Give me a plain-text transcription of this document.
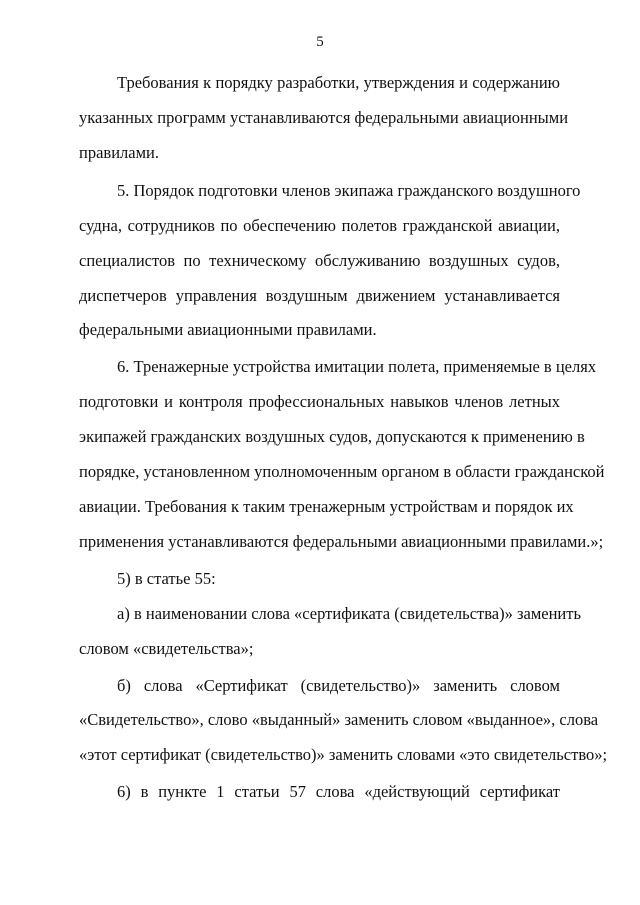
5
Требования к порядку разработки, утверждения и содержанию
указанных программ устанавливаются федеральными авиационными
правилами.
5. Порядок подготовки членов экипажа гражданского воздушного
судна, сотрудников по обеспечению полетов гражданской авиации,
специалистов по техническому обслуживанию воздушных судов,
диспетчеров управления воздушным движением устанавливается
федеральными авиационными правилами.
6. Тренажерные устройства имитации полета, применяемые в целях
подготовки и контроля профессиональных навыков членов летных
экипажей гражданских воздушных судов, допускаются к применению в
порядке, установленном уполномоченным органом в области гражданской
авиации. Требования к таким тренажерным устройствам и порядок их
применения устанавливаются федеральными авиационными правилами.»;
5) в статье 55:
а) в наименовании слова «сертификата (свидетельства)» заменить
словом «свидетельства»;
б) слова «Сертификат (свидетельство)» заменить словом
«Свидетельство», слово «выданный» заменить словом «выданное», слова
«этот сертификат (свидетельство)» заменить словами «это свидетельство»;
6) в пункте 1 статьи 57 слова «действующий сертификат
